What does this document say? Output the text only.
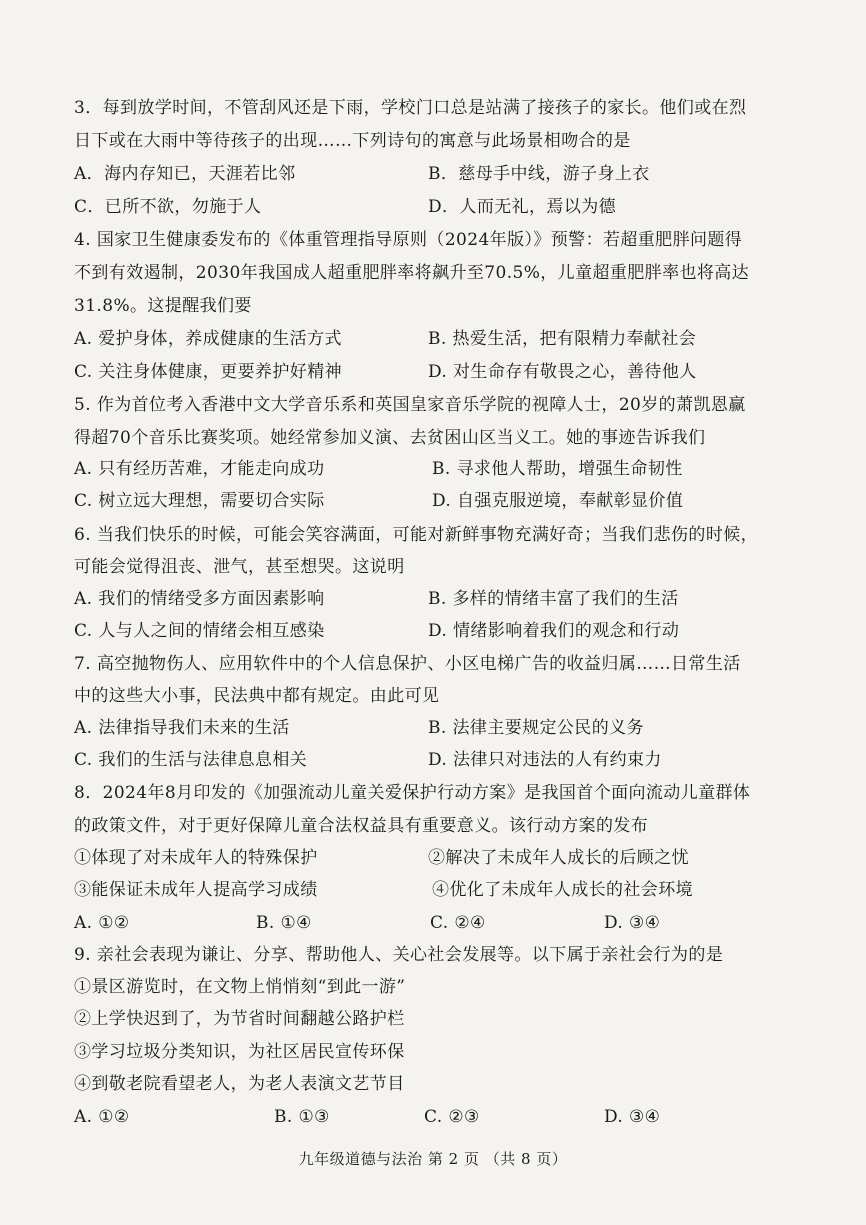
3．每到放学时间，不管刮风还是下雨，学校门口总是站满了接孩子的家长。他们或在烈
日下或在大雨中等待孩子的出现……下列诗句的寓意与此场景相吻合的是
A．海内存知已，天涯若比邻	B．慈母手中线，游子身上衣
C．已所不欲，勿施于人	D．人而无礼，焉以为德
4. 国家卫生健康委发布的《体重管理指导原则（2024年版）》预警：若超重肥胖问题得
不到有效遏制，2030年我国成人超重肥胖率将飙升至70.5%，儿童超重肥胖率也将高达
31.8%。这提醒我们要
A. 爱护身体，养成健康的生活方式	B. 热爱生活，把有限精力奉献社会
C. 关注身体健康，更要养护好精神	D. 对生命存有敬畏之心，善待他人
5. 作为首位考入香港中文大学音乐系和英国皇家音乐学院的视障人士，20岁的萧凯恩赢
得超70个音乐比赛奖项。她经常参加义演、去贫困山区当义工。她的事迹告诉我们
A. 只有经历苦难，才能走向成功	B. 寻求他人帮助，增强生命韧性
C. 树立远大理想，需要切合实际	D. 自强克服逆境，奉献彰显价值
6. 当我们快乐的时候，可能会笑容满面，可能对新鲜事物充满好奇；当我们悲伤的时候，
可能会觉得沮丧、泄气，甚至想哭。这说明
A. 我们的情绪受多方面因素影响	B. 多样的情绪丰富了我们的生活
C. 人与人之间的情绪会相互感染	D. 情绪影响着我们的观念和行动
7. 高空抛物伤人、应用软件中的个人信息保护、小区电梯广告的收益归属……日常生活
中的这些大小事，民法典中都有规定。由此可见
A. 法律指导我们未来的生活	B. 法律主要规定公民的义务
C. 我们的生活与法律息息相关	D. 法律只对违法的人有约束力
8．2024年8月印发的《加强流动儿童关爱保护行动方案》是我国首个面向流动儿童群体
的政策文件，对于更好保障儿童合法权益具有重要意义。该行动方案的发布
①体现了对未成年人的特殊保护	②解决了未成年人成长的后顾之忧
③能保证未成年人提高学习成绩	④优化了未成年人成长的社会环境
A. ①②	B. ①④	C. ②④	D. ③④
9. 亲社会表现为谦让、分享、帮助他人、关心社会发展等。以下属于亲社会行为的是
①景区游览时，在文物上悄悄刻“到此一游”
②上学快迟到了，为节省时间翻越公路护栏
③学习垃圾分类知识，为社区居民宣传环保
④到敬老院看望老人，为老人表演文艺节目
A. ①②	B. ①③	C. ②③	D. ③④
九年级道德与法治 第 2 页 （共 8 页）
